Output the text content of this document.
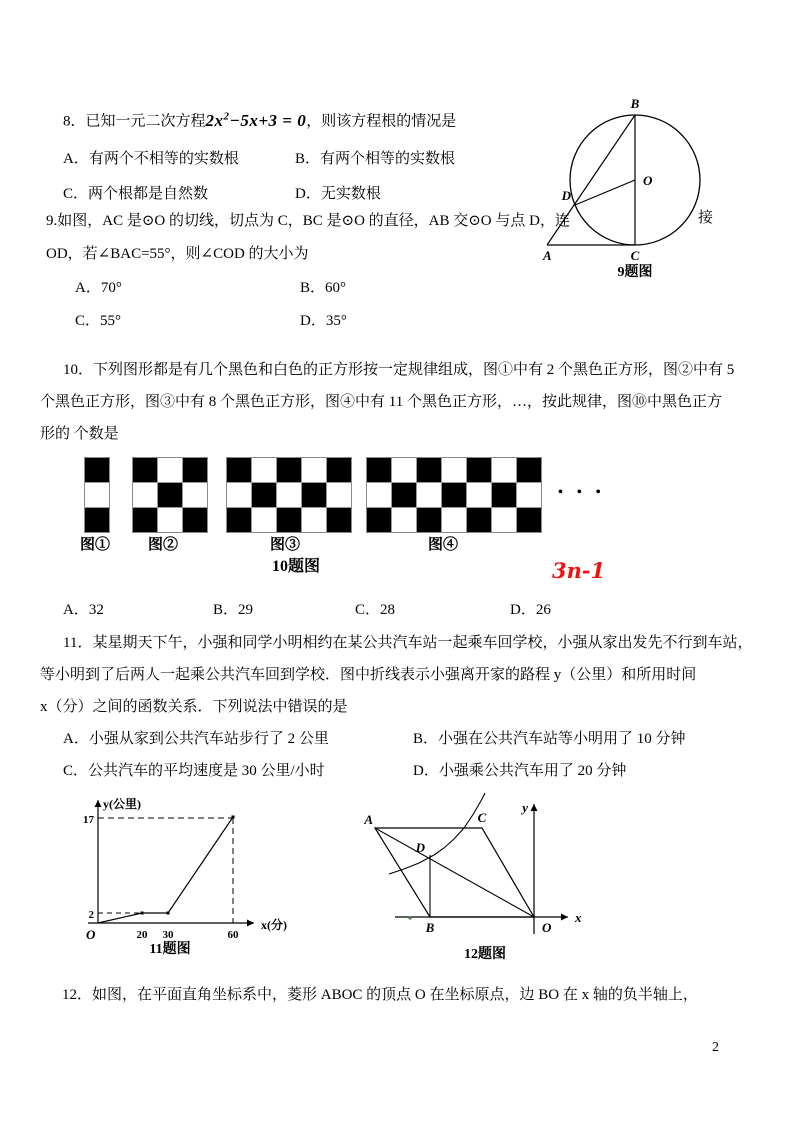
8．已知一元二次方程$2x^2-5x+3 = 0$，则该方程根的情况是
A．有两个不相等的实数根	B．有两个相等的实数根
C．两个根都是自然数	D．无实数根
9.如图，AC 是⊙O 的切线，切点为 C，BC 是⊙O 的直径，AB 交⊙O 与点 D，连	接
OD，若∠BAC=55°，则∠COD 的大小为
A．70°	B．60°
C．55°	D．35°
B
O
D
A	C
9题图
10．下列图形都是有几个黑色和白色的正方形按一定规律组成，图①中有 2 个黑色正方形，图②中有 5
个黑色正方形，图③中有 8 个黑色正方形，图④中有 11 个黑色正方形，…，按此规律，图⑩中黑色正方
形的 个数是
图①	图②	图③	图④
•••
10题图	3n-1
A．32	B．29	C．28	D．26
11．某星期天下午，小强和同学小明相约在某公共汽车站一起乘车回学校，小强从家出发先不行到车站，
等小明到了后两人一起乘公共汽车回到学校．图中折线表示小强离开家的路程 y（公里）和所用时间
x（分）之间的函数关系．下列说法中错误的是
A．小强从家到公共汽车站步行了 2 公里	B．小强在公共汽车站等小明用了 10 分钟
C．公共汽车的平均速度是 30 公里/小时	D．小强乘公共汽车用了 20 分钟
17
2
20 30	60
O
y(公里)
x(分)
11题图
A
B
C
D
O
x
y
12题图
12．如图，在平面直角坐标系中，菱形 ABOC 的顶点 O 在坐标原点，边 BO 在 x 轴的负半轴上，
2
